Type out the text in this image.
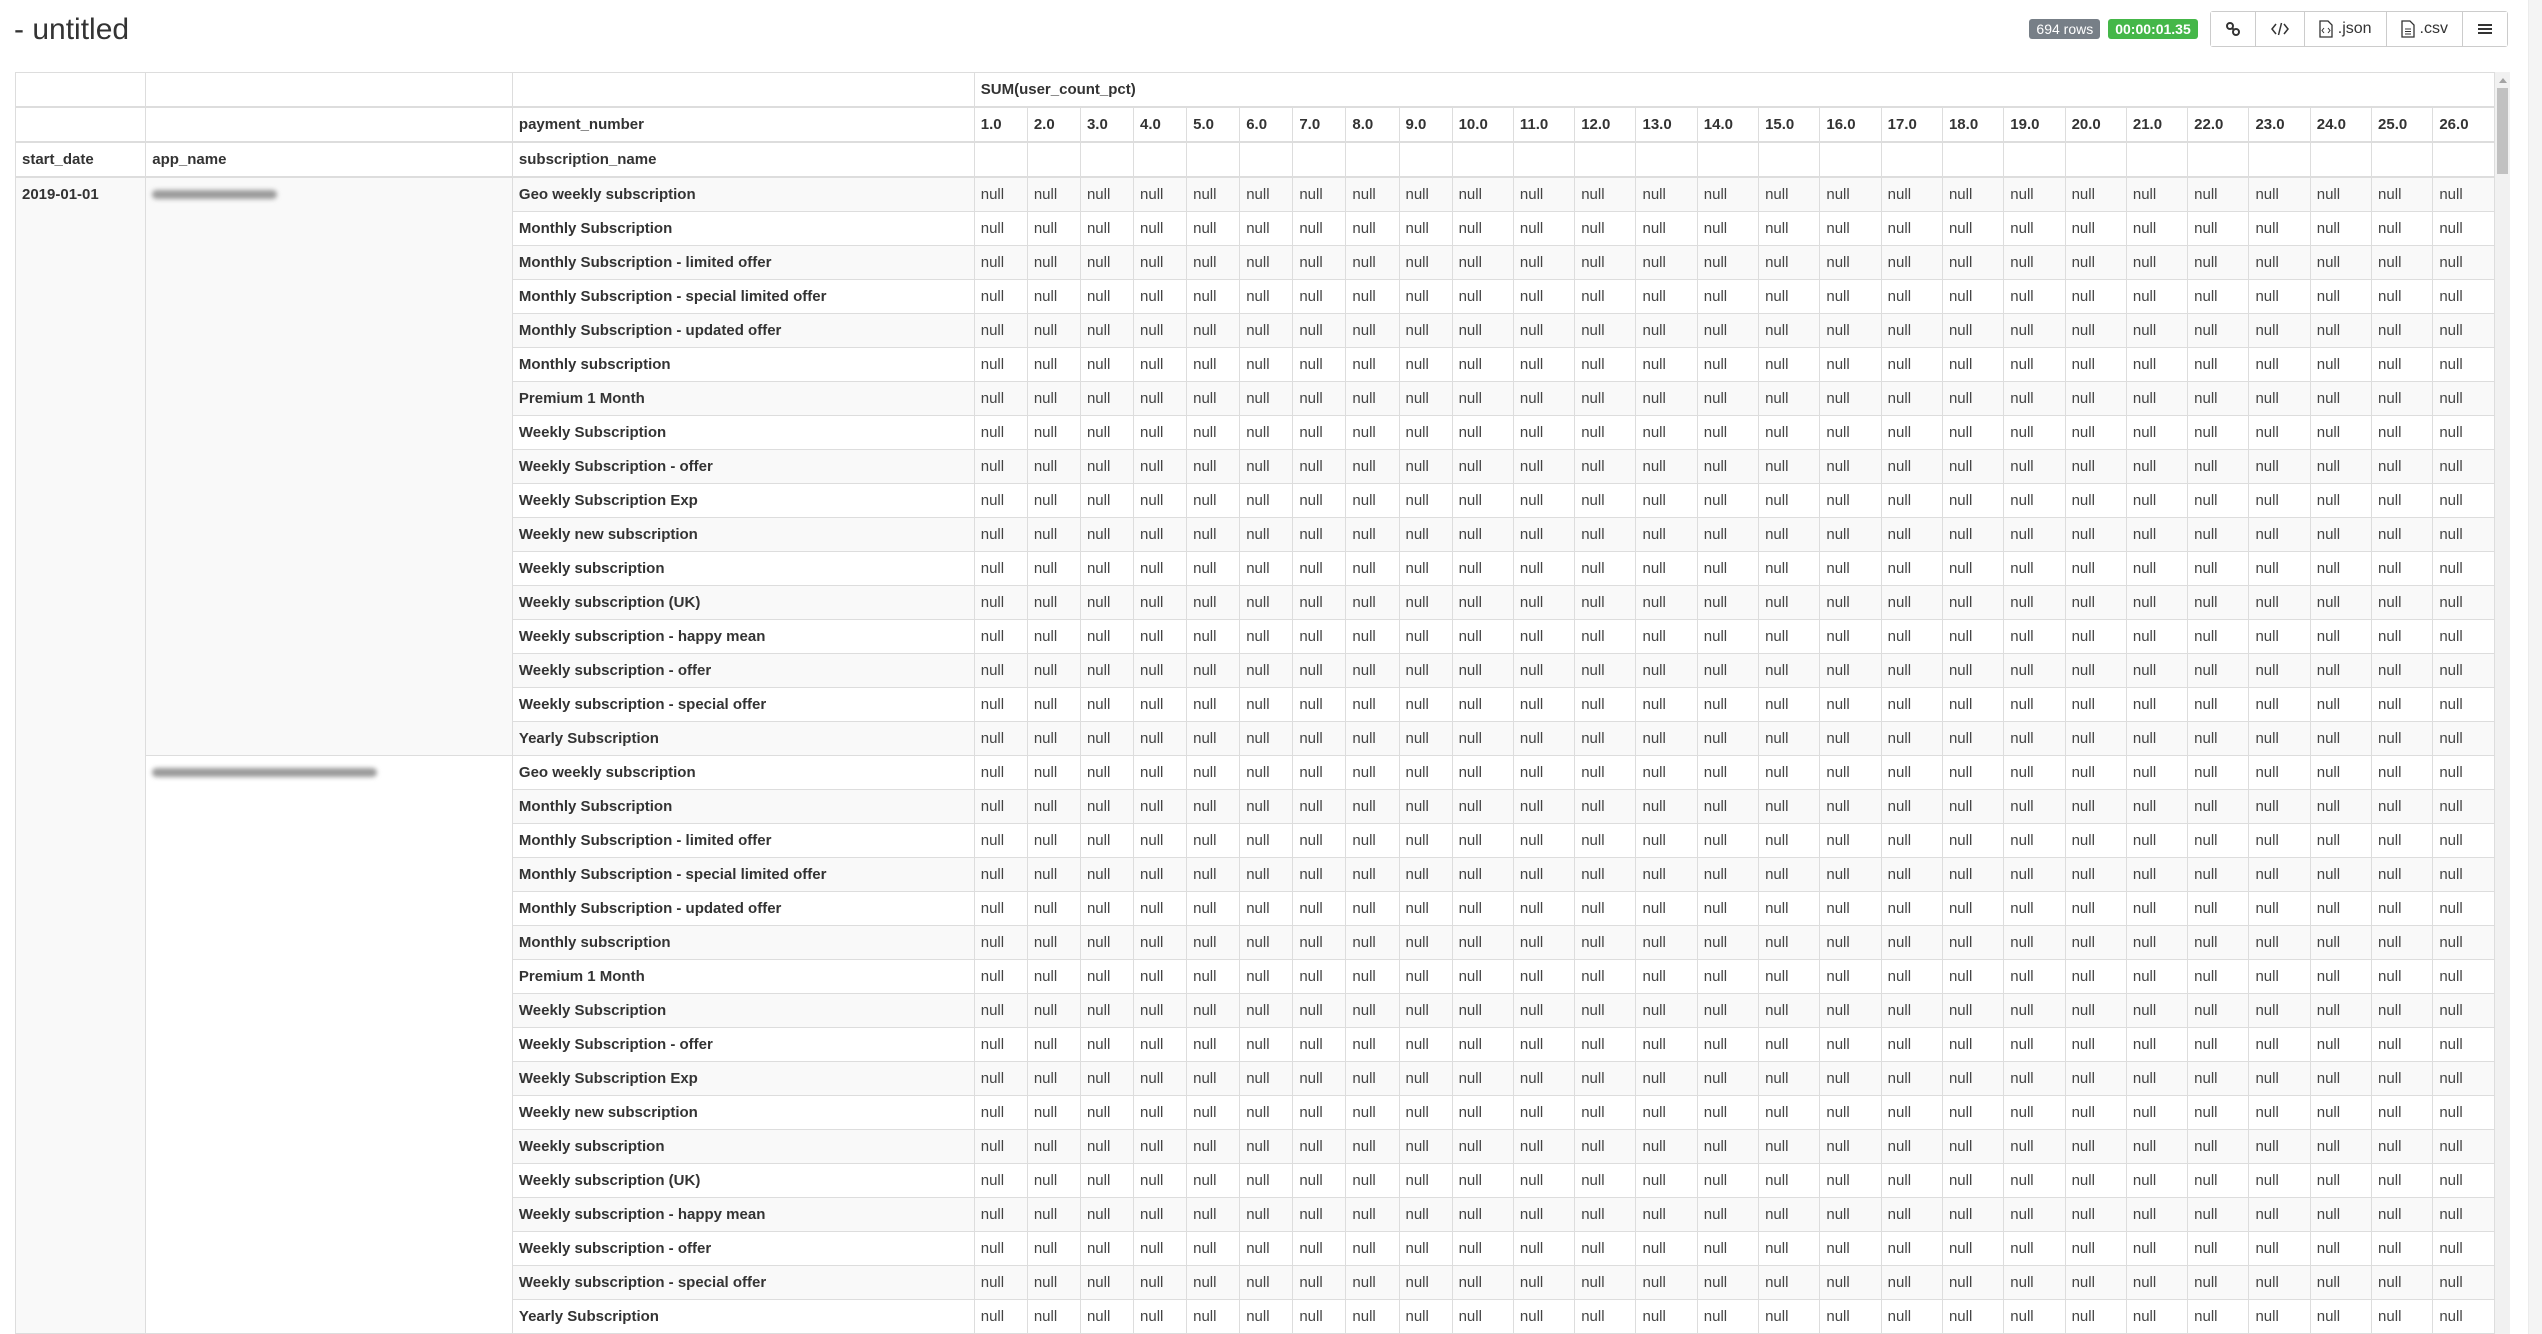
- untitled	694 rows	00:00:01.35	.json	.csv
			SUM(user_count_pct)																									
		payment_number	1.0	2.0	3.0	4.0	5.0	6.0	7.0	8.0	9.0	10.0	11.0	12.0	13.0	14.0	15.0	16.0	17.0	18.0	19.0	20.0	21.0	22.0	23.0	24.0	25.0	26.0
start_date	app_name	subscription_name																										
2019-01-01		Geo weekly subscription	null	null	null	null	null	null	null	null	null	null	null	null	null	null	null	null	null	null	null	null	null	null	null	null	null	null
		Monthly Subscription	null	null	null	null	null	null	null	null	null	null	null	null	null	null	null	null	null	null	null	null	null	null	null	null	null	null
		Monthly Subscription - limited offer	null	null	null	null	null	null	null	null	null	null	null	null	null	null	null	null	null	null	null	null	null	null	null	null	null	null
		Monthly Subscription - special limited offer	null	null	null	null	null	null	null	null	null	null	null	null	null	null	null	null	null	null	null	null	null	null	null	null	null	null
		Monthly Subscription - updated offer	null	null	null	null	null	null	null	null	null	null	null	null	null	null	null	null	null	null	null	null	null	null	null	null	null	null
		Monthly subscription	null	null	null	null	null	null	null	null	null	null	null	null	null	null	null	null	null	null	null	null	null	null	null	null	null	null
		Premium 1 Month	null	null	null	null	null	null	null	null	null	null	null	null	null	null	null	null	null	null	null	null	null	null	null	null	null	null
		Weekly Subscription	null	null	null	null	null	null	null	null	null	null	null	null	null	null	null	null	null	null	null	null	null	null	null	null	null	null
		Weekly Subscription - offer	null	null	null	null	null	null	null	null	null	null	null	null	null	null	null	null	null	null	null	null	null	null	null	null	null	null
		Weekly Subscription Exp	null	null	null	null	null	null	null	null	null	null	null	null	null	null	null	null	null	null	null	null	null	null	null	null	null	null
		Weekly new subscription	null	null	null	null	null	null	null	null	null	null	null	null	null	null	null	null	null	null	null	null	null	null	null	null	null	null
		Weekly subscription	null	null	null	null	null	null	null	null	null	null	null	null	null	null	null	null	null	null	null	null	null	null	null	null	null	null
		Weekly subscription (UK)	null	null	null	null	null	null	null	null	null	null	null	null	null	null	null	null	null	null	null	null	null	null	null	null	null	null
		Weekly subscription - happy mean	null	null	null	null	null	null	null	null	null	null	null	null	null	null	null	null	null	null	null	null	null	null	null	null	null	null
		Weekly subscription - offer	null	null	null	null	null	null	null	null	null	null	null	null	null	null	null	null	null	null	null	null	null	null	null	null	null	null
		Weekly subscription - special offer	null	null	null	null	null	null	null	null	null	null	null	null	null	null	null	null	null	null	null	null	null	null	null	null	null	null
		Yearly Subscription	null	null	null	null	null	null	null	null	null	null	null	null	null	null	null	null	null	null	null	null	null	null	null	null	null	null
		Geo weekly subscription	null	null	null	null	null	null	null	null	null	null	null	null	null	null	null	null	null	null	null	null	null	null	null	null	null	null
		Monthly Subscription	null	null	null	null	null	null	null	null	null	null	null	null	null	null	null	null	null	null	null	null	null	null	null	null	null	null
		Monthly Subscription - limited offer	null	null	null	null	null	null	null	null	null	null	null	null	null	null	null	null	null	null	null	null	null	null	null	null	null	null
		Monthly Subscription - special limited offer	null	null	null	null	null	null	null	null	null	null	null	null	null	null	null	null	null	null	null	null	null	null	null	null	null	null
		Monthly Subscription - updated offer	null	null	null	null	null	null	null	null	null	null	null	null	null	null	null	null	null	null	null	null	null	null	null	null	null	null
		Monthly subscription	null	null	null	null	null	null	null	null	null	null	null	null	null	null	null	null	null	null	null	null	null	null	null	null	null	null
		Premium 1 Month	null	null	null	null	null	null	null	null	null	null	null	null	null	null	null	null	null	null	null	null	null	null	null	null	null	null
		Weekly Subscription	null	null	null	null	null	null	null	null	null	null	null	null	null	null	null	null	null	null	null	null	null	null	null	null	null	null
		Weekly Subscription - offer	null	null	null	null	null	null	null	null	null	null	null	null	null	null	null	null	null	null	null	null	null	null	null	null	null	null
		Weekly Subscription Exp	null	null	null	null	null	null	null	null	null	null	null	null	null	null	null	null	null	null	null	null	null	null	null	null	null	null
		Weekly new subscription	null	null	null	null	null	null	null	null	null	null	null	null	null	null	null	null	null	null	null	null	null	null	null	null	null	null
		Weekly subscription	null	null	null	null	null	null	null	null	null	null	null	null	null	null	null	null	null	null	null	null	null	null	null	null	null	null
		Weekly subscription (UK)	null	null	null	null	null	null	null	null	null	null	null	null	null	null	null	null	null	null	null	null	null	null	null	null	null	null
		Weekly subscription - happy mean	null	null	null	null	null	null	null	null	null	null	null	null	null	null	null	null	null	null	null	null	null	null	null	null	null	null
		Weekly subscription - offer	null	null	null	null	null	null	null	null	null	null	null	null	null	null	null	null	null	null	null	null	null	null	null	null	null	null
		Weekly subscription - special offer	null	null	null	null	null	null	null	null	null	null	null	null	null	null	null	null	null	null	null	null	null	null	null	null	null	null
		Yearly Subscription	null	null	null	null	null	null	null	null	null	null	null	null	null	null	null	null	null	null	null	null	null	null	null	null	null	null
